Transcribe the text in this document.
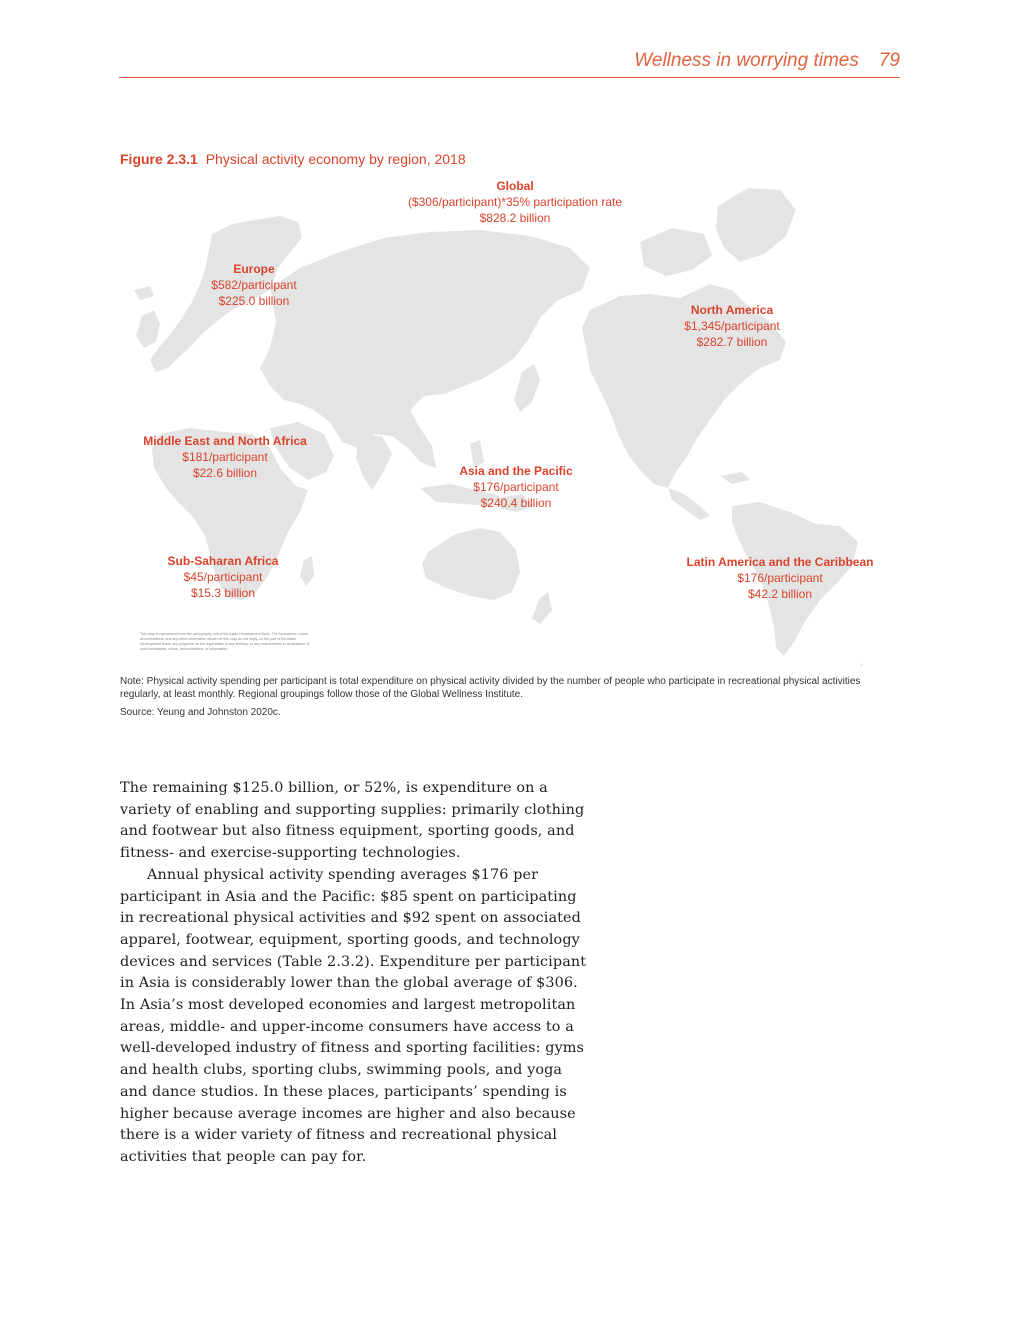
Wellness in worrying times 79
Figure 2.3.1 Physical activity economy by region, 2018
N
Global
($306/participant)*35% participation rate
$828.2 billion
Europe
$582/participant
$225.0 billion
North America
$1,345/participant
$282.7 billion
Middle East and North Africa
$181/participant
$22.6 billion	Asia and the Pacific
$176/participant
$240.4 billion
Sub-Saharan Africa
$45/participant
$15.3 billion
Latin America and the Caribbean
$176/participant
$42.2 billion
This map is reproduced from the cartography unit of the Asian Development Bank. The boundaries, colors, denominations, and any other information shown on this map do not imply, on the part of the Asian Development Bank, any judgment on the legal status of any territory, or any endorsement or acceptance of such boundaries, colors, denominations, or information.
Note: Physical activity spending per participant is total expenditure on physical activity divided by the number of people who participate in recreational physical activities regularly, at least monthly. Regional groupings follow those of the Global Wellness Institute.
Source: Yeung and Johnston 2020c.

The remaining $125.0 billion, or 52%, is expenditure on a variety of enabling and supporting supplies: primarily clothing and footwear but also fitness equipment, sporting goods, and fitness- and exercise-supporting technologies.

Annual physical activity spending averages $176 per participant in Asia and the Pacific: $85 spent on participating in recreational physical activities and $92 spent on associated apparel, footwear, equipment, sporting goods, and technology devices and services (Table 2.3.2). Expenditure per participant in Asia is considerably lower than the global average of $306. In Asia’s most developed economies and largest metropolitan areas, middle- and upper-income consumers have access to a well-developed industry of fitness and sporting facilities: gyms and health clubs, sporting clubs, swimming pools, and yoga and dance studios. In these places, participants’ spending is higher because average incomes are higher and also because there is a wider variety of fitness and recreational physical activities that people can pay for.
